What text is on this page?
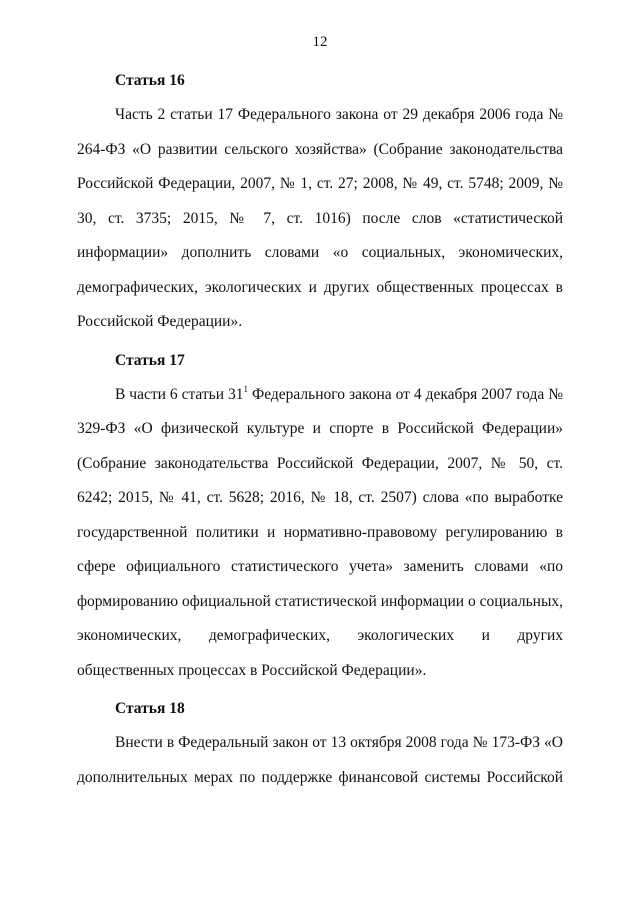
12
Статья 16

Часть 2 статьи 17 Федерального закона от 29 декабря 2006 года № 264-ФЗ «О развитии сельского хозяйства» (Собрание законодательства Российской Федерации, 2007, № 1, ст. 27; 2008, № 49, ст. 5748; 2009, № 30, ст. 3735; 2015, № 7, ст. 1016) после слов «статистической информации» дополнить словами «о социальных, экономических, демографических, экологических и других общественных процессах в Российской Федерации».

Статья 17

В части 6 статьи $31^1$ Федерального закона от 4 декабря 2007 года № 329-ФЗ «О физической культуре и спорте в Российской Федерации» (Собрание законодательства Российской Федерации, 2007, № 50, ст. 6242; 2015, № 41, ст. 5628; 2016, № 18, ст. 2507) слова «по выработке государственной политики и нормативно-правовому регулированию в сфере официального статистического учета» заменить словами «по формированию официальной статистической информации о социальных, экономических, демографических, экологических и других общественных процессах в Российской Федерации».

Статья 18

Внести в Федеральный закон от 13 октября 2008 года № 173-ФЗ «О дополнительных мерах по поддержке финансовой системы Российской
